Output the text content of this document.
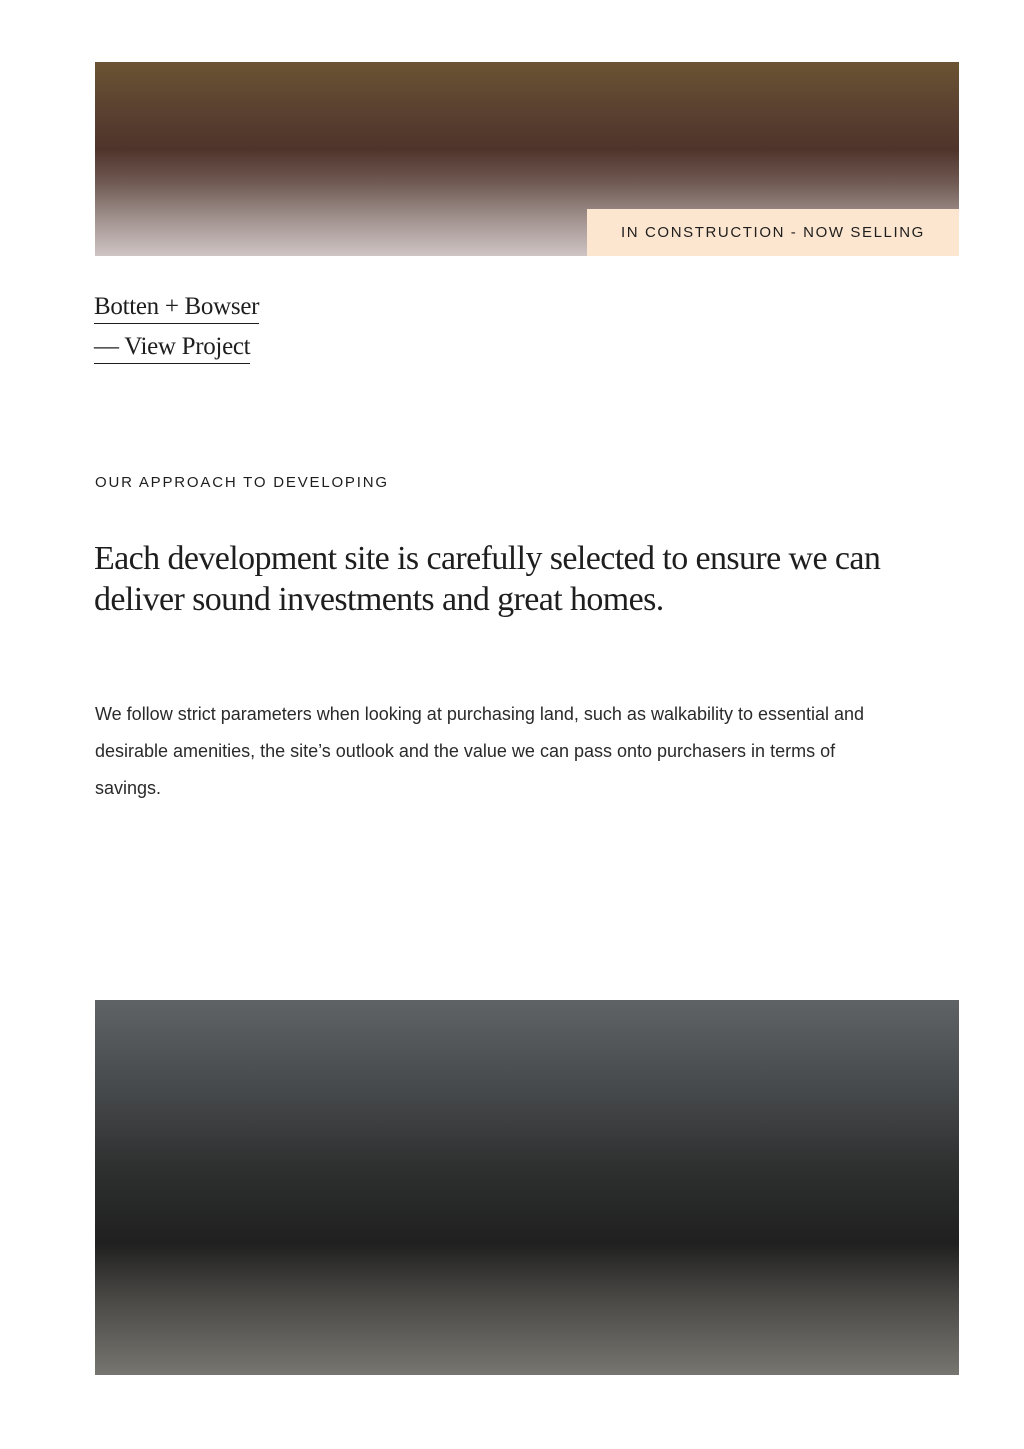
IN CONSTRUCTION - NOW SELLING
Botten + Bowser
— View Project
OUR APPROACH TO DEVELOPING
Each development site is carefully selected to ensure we can deliver sound investments and great homes.

We follow strict parameters when looking at purchasing land, such as walkability to essential and desirable amenities, the site’s outlook and the value we can pass onto purchasers in terms of savings.
